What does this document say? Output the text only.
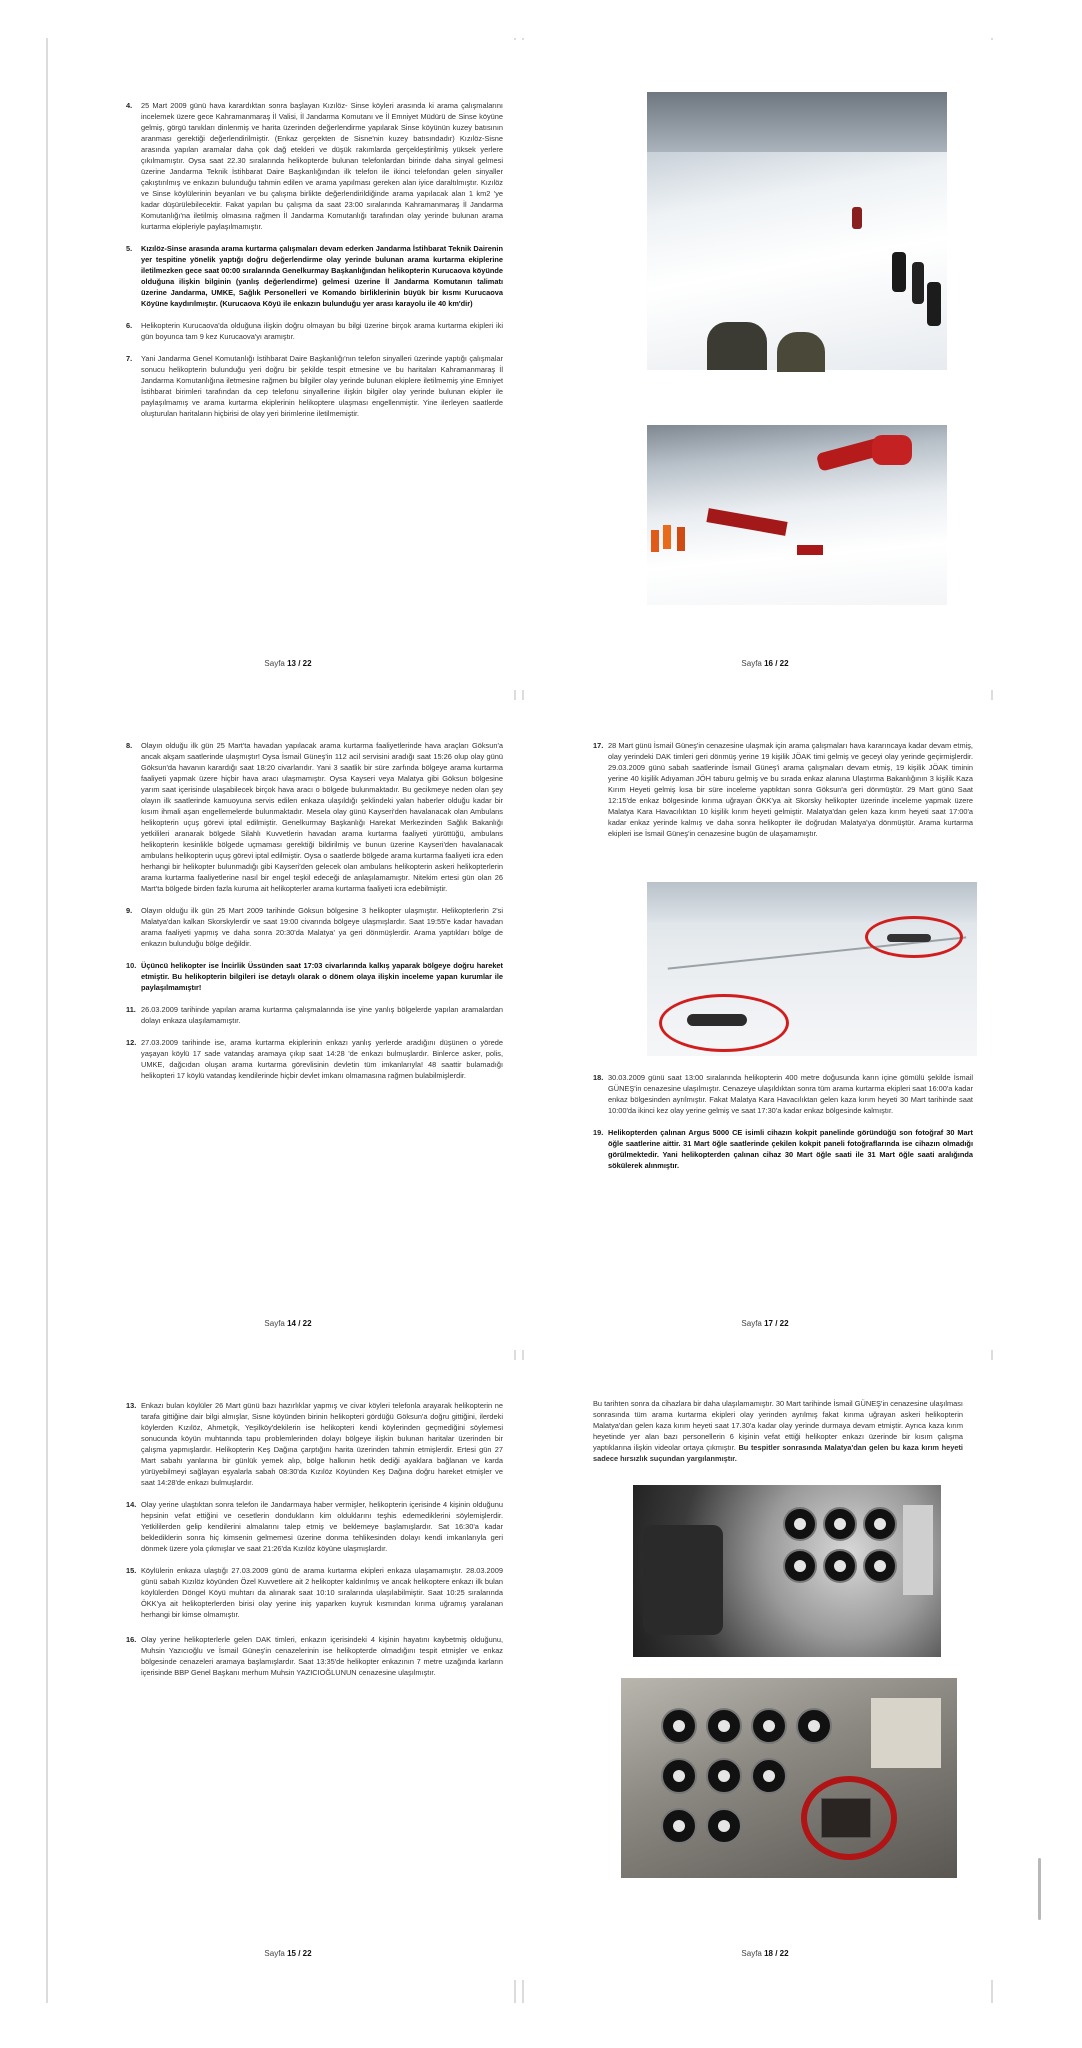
4.	25 Mart 2009 günü hava karardıktan sonra başlayan Kızılöz- Sinse köyleri arasında ki arama çalışmalarını incelemek üzere gece Kahramanmaraş İl Valisi, İl Jandarma Komutanı ve İl Emniyet Müdürü de Sinse köyüne gelmiş, görgü tanıkları dinlenmiş ve harita üzerinden değerlendirme yapılarak Sinse köyünün kuzey batısının aranması gerektiği değerlendirilmiştir. (Enkaz gerçekten de Sisne'nin kuzey batısındadır) Kızılöz-Sisne arasında yapılan aramalar daha çok dağ etekleri ve düşük rakımlarda gerçekleştirilmiş yüksek yerlere çıkılmamıştır. Oysa saat 22.30 sıralarında helikopterde bulunan telefonlardan birinde daha sinyal gelmesi üzerine Jandarma Teknik İstihbarat Daire Başkanlığından ilk telefon ile ikinci telefondan gelen sinyaller çakıştırılmış ve enkazın bulunduğu tahmin edilen ve arama yapılması gereken alan iyice daraltılmıştır. Kızılöz ve Sinse köylülerinin beyanları ve bu çalışma birlikte değerlendirildiğinde arama yapılacak alan 1 km2 'ye kadar düşürülebilecektir. Fakat yapılan bu çalışma da saat 23:00 sıralarında Kahramanmaraş İl Jandarma Komutanlığı'na iletilmiş olmasına rağmen İl Jandarma Komutanlığı tarafından olay yerinde bulunan arama kurtarma ekipleriyle paylaşılmamıştır.
5.	Kızılöz-Sinse arasında arama kurtarma çalışmaları devam ederken Jandarma İstihbarat Teknik Dairenin yer tespitine yönelik yaptığı doğru değerlendirme olay yerinde bulunan arama kurtarma ekiplerine iletilmezken gece saat 00:00 sıralarında Genelkurmay Başkanlığından helikopterin Kurucaova köyünde olduğuna ilişkin bilginin (yanlış değerlendirme) gelmesi üzerine İl Jandarma Komutanın talimatı üzerine Jandarma, UMKE, Sağlık Personelleri ve Komando birliklerinin büyük bir kısmı Kurucaova Köyüne kaydırılmıştır. (Kurucaova Köyü ile enkazın bulunduğu yer arası karayolu ile 40 km'dir)
6.	Helikopterin Kurucaova'da olduğuna ilişkin doğru olmayan bu bilgi üzerine birçok arama kurtarma ekipleri iki gün boyunca tam 9 kez Kurucaova'yı aramıştır.
7.	Yani Jandarma Genel Komutanlığı İstihbarat Daire Başkanlığı'nın telefon sinyalleri üzerinde yaptığı çalışmalar sonucu helikopterin bulunduğu yeri doğru bir şekilde tespit etmesine ve bu haritaları Kahramanmaraş İl Jandarma Komutanlığına iletmesine rağmen bu bilgiler olay yerinde bulunan ekiplere iletilmemiş yine Emniyet İstihbarat birimleri tarafından da cep telefonu sinyallerine ilişkin bilgiler olay yerinde bulunan ekipler ile paylaşılmamış ve arama kurtarma ekiplerinin helikoptere ulaşması engellenmiştir. Yine ilerleyen saatlerde oluşturulan haritaların hiçbirisi de olay yeri birimlerine iletilmemiştir.
Sayfa 13 / 22	Sayfa 16 / 22
8.	Olayın olduğu ilk gün 25 Mart'ta havadan yapılacak arama kurtarma faaliyetlerinde hava araçları Göksun'a ancak akşam saatlerinde ulaşmıştır! Oysa İsmail Güneş'in 112 acil servisini aradığı saat 15:26 olup olay günü Göksun'da havanın karardığı saat 18:20 civarlarıdır. Yani 3 saatlik bir süre zarfında bölgeye arama kurtarma faaliyeti yapmak üzere hiçbir hava aracı ulaşmamıştır. Oysa Kayseri veya Malatya gibi Göksun bölgesine yarım saat içerisinde ulaşabilecek birçok hava aracı o bölgede bulunmaktadır. Bu gecikmeye neden olan şey olayın ilk saatlerinde kamuoyuna servis edilen enkaza ulaşıldığı şeklindeki yalan haberler olduğu kadar bir kısım ihmali aşan engellemelerde bulunmaktadır. Mesela olay günü Kayseri'den havalanacak olan Ambulans helikopterin uçuş görevi iptal edilmiştir. Genelkurmay Başkanlığı Harekat Merkezinden Sağlık Bakanlığı yetkilileri aranarak bölgede Silahlı Kuvvetlerin havadan arama kurtarma faaliyeti yürüttüğü, ambulans helikopterin kesinlikle bölgede uçmaması gerektiği bildirilmiş ve bunun üzerine Kayseri'den havalanacak ambulans helikopterin uçuş görevi iptal edilmiştir. Oysa o saatlerde bölgede arama kurtarma faaliyeti icra eden herhangi bir helikopter bulunmadığı gibi Kayseri'den gelecek olan ambulans helikopterin askeri helikopterlerin arama kurtarma faaliyetlerine nasıl bir engel teşkil edeceği de anlaşılamamıştır. Nitekim ertesi gün olan 26 Mart'ta bölgede birden fazla kuruma ait helikopterler arama kurtarma faaliyeti icra edebilmiştir.
9.	Olayın olduğu ilk gün 25 Mart 2009 tarihinde Göksun bölgesine 3 helikopter ulaşmıştır. Helikopterlerin 2'si Malatya'dan kalkan Skorskylerdir ve saat 19:00 civarında bölgeye ulaşmışlardır. Saat 19:55'e kadar havadan arama faaliyeti yapmış ve daha sonra 20:30'da Malatya' ya geri dönmüşlerdir. Arama yaptıkları bölge de enkazın bulunduğu bölge değildir.
10. Üçüncü helikopter ise İncirlik Üssünden saat 17:03 civarlarında kalkış yaparak bölgeye doğru hareket etmiştir. Bu helikopterin bilgileri ise detaylı olarak o dönem olaya ilişkin inceleme yapan kurumlar ile paylaşılmamıştır!
11. 26.03.2009 tarihinde yapılan arama kurtarma çalışmalarında ise yine yanlış bölgelerde yapılan aramalardan dolayı enkaza ulaşılamamıştır.
12. 27.03.2009 tarihinde ise, arama kurtarma ekiplerinin enkazı yanlış yerlerde aradığını düşünen o yörede yaşayan köylü 17 sade vatandaş aramaya çıkıp saat 14:28 'de enkazı bulmuşlardır. Binlerce asker, polis, UMKE, dağcıdan oluşan arama kurtarma görevlisinin devletin tüm imkanlarıyla! 48 saattir bulamadığı helikopteri 17 köylü vatandaş kendilerinde hiçbir devlet imkanı olmamasına rağmen bulabilmişlerdir.
Sayfa 14 / 22
17. 28 Mart günü İsmail Güneş'in cenazesine ulaşmak için arama çalışmaları hava kararıncaya kadar devam etmiş, olay yerindeki DAK timleri geri dönmüş yerine 19 kişilik JÖAK timi gelmiş ve geceyi olay yerinde geçirmişlerdir. 29.03.2009 günü sabah saatlerinde İsmail Güneş'i arama çalışmaları devam etmiş, 19 kişilik JÖAK timinin yerine 40 kişilik Adıyaman JÖH taburu gelmiş ve bu sırada enkaz alanına Ulaştırma Bakanlığının 3 kişilik Kaza Kırım Heyeti gelmiş kısa bir süre inceleme yaptıktan sonra Göksun'a geri dönmüştür. 29 Mart günü Saat 12:15'de enkaz bölgesinde kırıma uğrayan ÖKK'ya ait Skorsky helikopter üzerinde inceleme yapmak üzere Malatya Kara Havacılıktan 10 kişilik kırım heyeti gelmiştir. Malatya'dan gelen kaza kırım heyeti saat 17:00'a kadar enkaz yerinde kalmış ve daha sonra helikopter ile doğrudan Malatya'ya dönmüştür. Arama kurtarma ekipleri ise İsmail Güneş'in cenazesine bugün de ulaşamamıştır.
18. 30.03.2009 günü saat 13:00 sıralarında helikopterin 400 metre doğusunda karın içine gömülü şekilde İsmail GÜNEŞ'in cenazesine ulaşılmıştır. Cenazeye ulaşıldıktan sonra tüm arama kurtarma ekipleri saat 16:00'a kadar enkaz bölgesinden ayrılmıştır. Fakat Malatya Kara Havacılıktan gelen kaza kırım heyeti 30 Mart tarihinde saat 10:00'da ikinci kez olay yerine gelmiş ve saat 17:30'a kadar enkaz bölgesinde kalmıştır.
19. Helikopterden çalınan Argus 5000 CE isimli cihazın kokpit panelinde göründüğü son fotoğraf 30 Mart öğle saatlerine aittir. 31 Mart öğle saatlerinde çekilen kokpit paneli fotoğraflarında ise cihazın olmadığı görülmektedir. Yani helikopterden çalınan cihaz 30 Mart öğle saati ile 31 Mart öğle saati aralığında sökülerek alınmıştır.
Sayfa 17 / 22
13. Enkazı bulan köylüler 26 Mart günü bazı hazırlıklar yapmış ve civar köyleri telefonla arayarak helikopterin ne tarafa gittiğine dair bilgi almışlar, Sisne köyünden birinin helikopteri gördüğü Göksun'a doğru gittiğini, ilerdeki köylerden Kızılöz, Ahmetçik, Yeşilköy'dekilerin ise helikopteri kendi köylerinden geçmediğini söylemesi sonucunda köyün muhtarında tapu problemlerinden dolayı bölgeye ilişkin bulunan haritalar üzerinden bir çalışma yapmışlardır. Helikopterin Keş Dağına çarptığını harita üzerinden tahmin etmişlerdir. Ertesi gün 27 Mart sabahı yanlarına bir günlük yemek alıp, bölge halkının hetik dediği ayaklara bağlanan ve karda yürüyebilmeyi sağlayan eşyalarla sabah 08:30'da Kızılöz Köyünden Keş Dağına doğru hareket etmişler ve saat 14:28'de enkazı bulmuşlardır.
14. Olay yerine ulaştıktan sonra telefon ile Jandarmaya haber vermişler, helikopterin içerisinde 4 kişinin olduğunu hepsinin vefat ettiğini ve cesetlerin dondukların kim olduklarını teşhis edemediklerini söylemişlerdir. Yetkililerden gelip kendilerini almalarını talep etmiş ve beklemeye başlamışlardır. Sat 16:30'a kadar beklediklerin sonra hiç kimsenin gelmemesi üzerine donma tehlikesinden dolayı kendi imkanlarıyla geri dönmek üzere yola çıkmışlar ve saat 21:26'da Kızılöz köyüne ulaşmışlardır.
15. Köylülerin enkaza ulaştığı 27.03.2009 günü de arama kurtarma ekipleri enkaza ulaşamamıştır. 28.03.2009 günü sabah Kızılöz köyünden Özel Kuvvetlere ait 2 helikopter kaldırılmış ve ancak helikoptere enkazı ilk bulan köylülerden Döngel Köyü muhtarı da alınarak saat 10:10 sıralarında ulaşılabilmiştir. Saat 10:25 sıralarında ÖKK'ya ait helikopterlerden birisi olay yerine iniş yaparken kuyruk kısmından kırıma uğramış yaralanan herhangi bir kimse olmamıştır.
16. Olay yerine helikopterlerle gelen DAK timleri, enkazın içerisindeki 4 kişinin hayatını kaybetmiş olduğunu, Muhsin Yazıcıoğlu ve İsmail Güneş'in cenazelerinin ise helikopterde olmadığını tespit etmişler ve enkaz bölgesinde cenazeleri aramaya başlamışlardır. Saat 13:35'de helikopter enkazının 7 metre uzağında karların içerisinde BBP Genel Başkanı merhum Muhsin YAZICIOĞLUNUN cenazesine ulaşılmıştır.
Sayfa 15 / 22

Bu tarihten sonra da cihazlara bir daha ulaşılamamıştır. 30 Mart tarihinde İsmail GÜNEŞ'in cenazesine ulaşılması sonrasında tüm arama kurtarma ekipleri olay yerinden ayrılmış fakat kırıma uğrayan askeri helikopterin Malatya'dan gelen kaza kırım heyeti saat 17.30'a kadar olay yerinde durmaya devam etmiştir. Ayrıca kaza kırım heyetinde yer alan bazı personellerin 6 kişinin vefat ettiği helikopter enkazı üzerinde bir kısım çalışma yaptıklarına ilişkin videolar ortaya çıkmıştır. Bu tespitler sonrasında Malatya'dan gelen bu kaza kırım heyeti sadece hırsızlık suçundan yargılanmıştır.

Sayfa 18 / 22
